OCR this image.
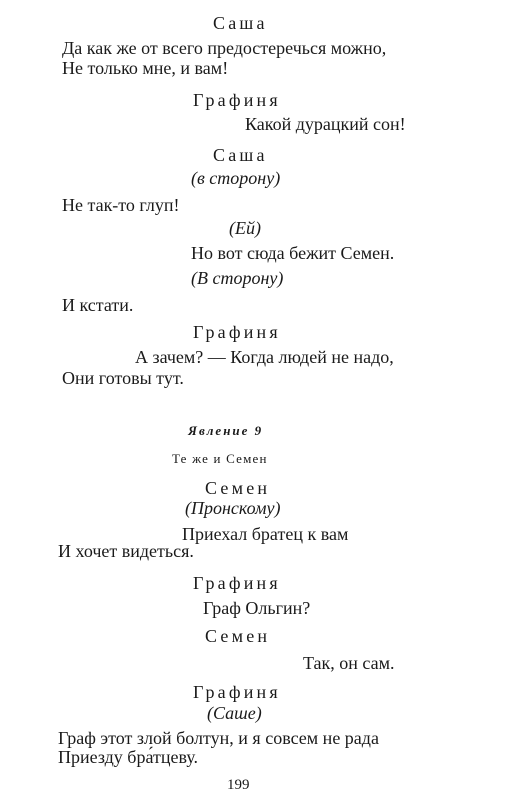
Саша
Да как же от всего предостеречься можно,
Не только мне, и вам!
Графиня
Какой дурацкий сон!
Саша
(в сторону)
Не так-то глуп!
(Ей)
Но вот сюда бежит Семен.
(В сторону)
И кстати.
Графиня
А зачем? — Когда людей не надо,
Они готовы тут.
Явление 9
Те же и Семен
Семен
(Пронскому)
Приехал братец к вам
И хочет видеться.
Графиня
Граф Ольгин?
Семен
Так, он сам.
Графиня
(Саше)
Граф этот злой болтун, и я совсем не рада
Приезду бра́тцеву.
199
